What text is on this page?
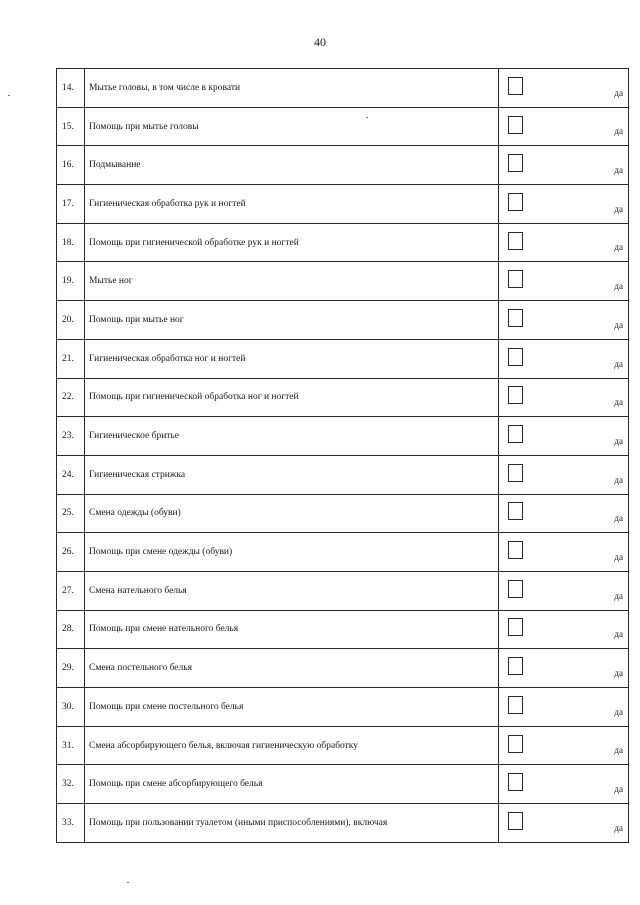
40
14.	Мытье головы, в том числе в кровати	да

15.	Помощь при мытье головы	да

16.	Подмывание	да

17.	Гигиеническая обработка рук и ногтей	да

18.	Помощь при гигиенической обработке рук и ногтей	да

19.	Мытье ног	да

20.	Помощь при мытье ног	да

21.	Гигиеническая обработка ног и ногтей	да

22.	Помощь при гигиенической обработка ног и ногтей	да

23.	Гигиеническое бритье	да

24.	Гигиеническая стрижка	да

25.	Смена одежды (обуви)	да

26.	Помощь при смене одежды (обуви)	да

27.	Смена нательного белья	да

28.	Помощь при смене нательного белья	да

29.	Смена постельного белья	да

30.	Помощь при смене постельного белья	да

31.	Смена абсорбирующего белья, включая гигиеническую обработку	да

32.	Помощь при смене абсорбирующего белья	да

33.	Помощь при пользовании туалетом (иными приспособлениями), включая	да
